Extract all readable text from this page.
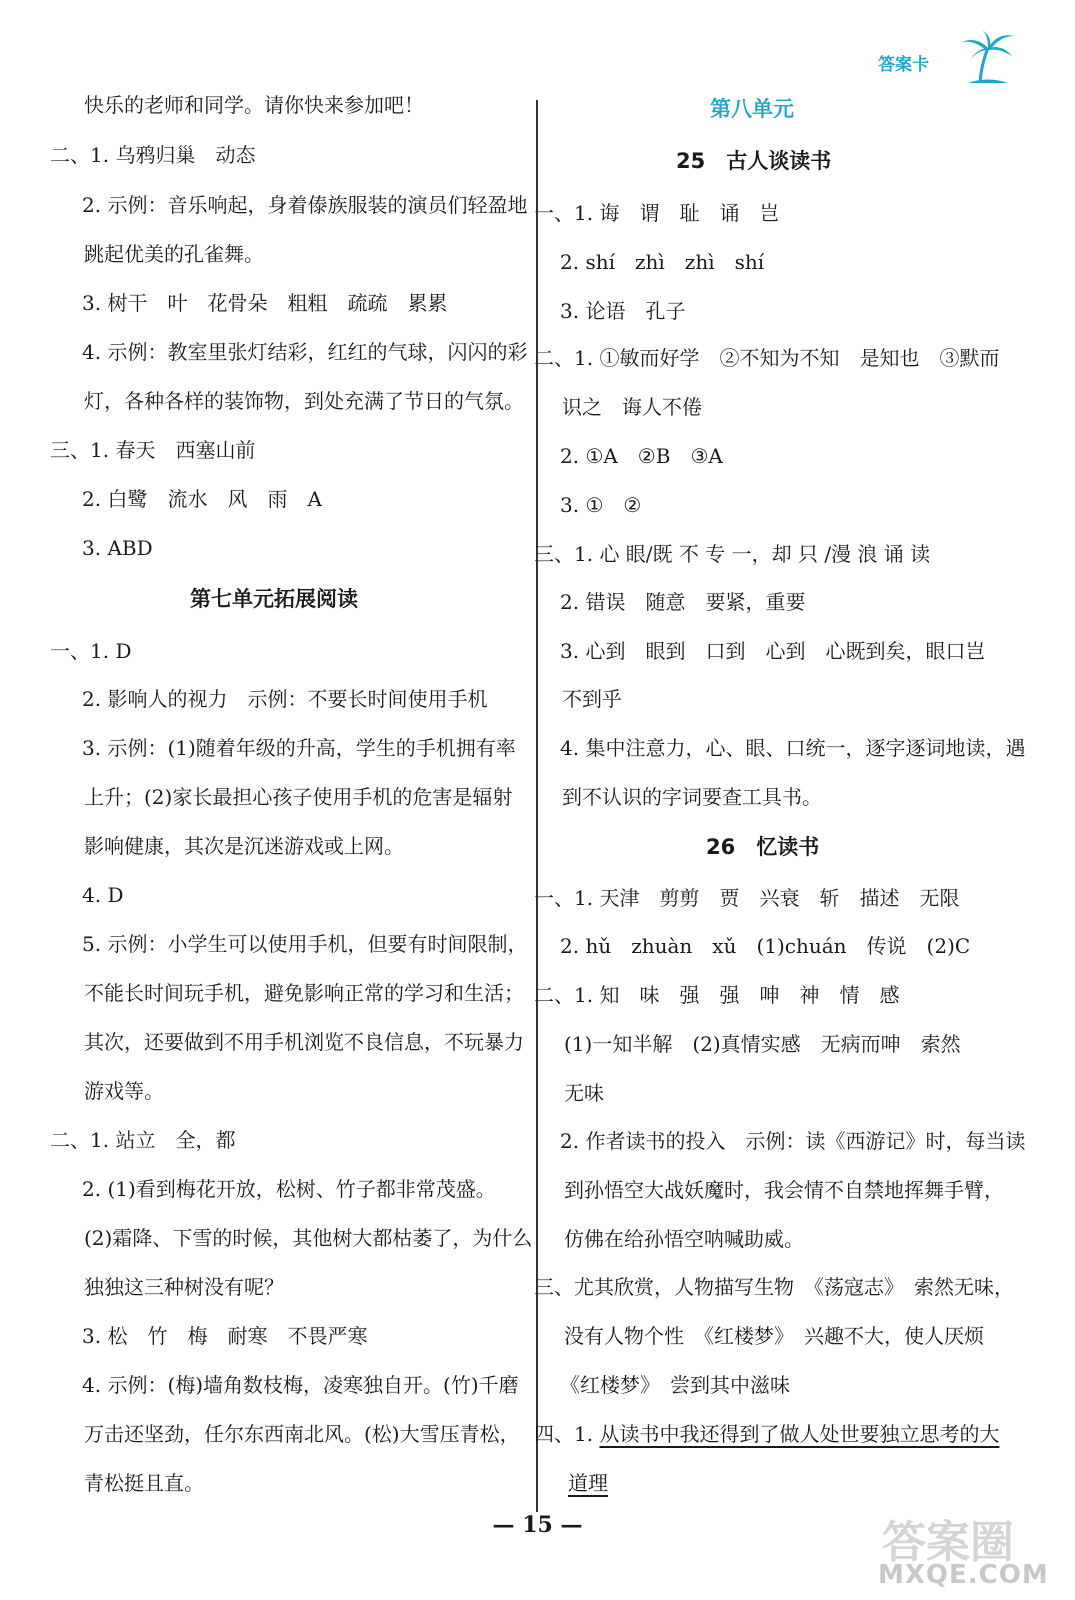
答案卡
快乐的老师和同学。请你快来参加吧！
二、1. 乌鸦归巢　动态
2. 示例：音乐响起，身着傣族服装的演员们轻盈地
跳起优美的孔雀舞。
3. 树干　叶　花骨朵　粗粗　疏疏　累累
4. 示例：教室里张灯结彩，红红的气球，闪闪的彩
灯，各种各样的装饰物，到处充满了节日的气氛。
三、1. 春天　西塞山前
2. 白鹭　流水　风　雨　A
3. ABD
第七单元拓展阅读
一、1. D
2. 影响人的视力　示例：不要长时间使用手机
3. 示例：(1)随着年级的升高，学生的手机拥有率
上升；(2)家长最担心孩子使用手机的危害是辐射
影响健康，其次是沉迷游戏或上网。
4. D
5. 示例：小学生可以使用手机，但要有时间限制，
不能长时间玩手机，避免影响正常的学习和生活；
其次，还要做到不用手机浏览不良信息，不玩暴力
游戏等。
二、1. 站立　全，都
2. (1)看到梅花开放，松树、竹子都非常茂盛。
(2)霜降、下雪的时候，其他树大都枯萎了，为什么
独独这三种树没有呢？
3. 松　竹　梅　耐寒　不畏严寒
4. 示例：(梅)墙角数枝梅，凌寒独自开。(竹)千磨
万击还坚劲，任尔东西南北风。(松)大雪压青松，
青松挺且直。
第八单元
25　古人谈读书
一、1. 诲　谓　耻　诵　岂
2. shí　zhì　zhì　shí
3. 论语　孔子
二、1. ①敏而好学　②不知为不知　是知也　③默而
识之　诲人不倦
2. ①A　②B　③A
3. ①　②
三、1. 心 眼/既 不 专 一，却 只 /漫 浪 诵 读
2. 错误　随意　要紧，重要
3. 心到　眼到　口到　心到　心既到矣，眼口岂
不到乎
4. 集中注意力，心、眼、口统一，逐字逐词地读，遇
到不认识的字词要查工具书。
26　忆读书
一、1. 天津　剪剪　贾　兴衰　斩　描述　无限
2. hǔ　zhuàn　xǔ　(1)chuán　传说　(2)C
二、1. 知　味　强　强　呻　神　情　感
(1)一知半解　(2)真情实感　无病而呻　索然
无味
2. 作者读书的投入　示例：读《西游记》时，每当读
到孙悟空大战妖魔时，我会情不自禁地挥舞手臂，
仿佛在给孙悟空呐喊助威。
三、尤其欣赏，人物描写生物　《荡寇志》　索然无味，
没有人物个性　《红楼梦》　兴趣不大，使人厌烦
《红楼梦》　尝到其中滋味
四、1. 从读书中我还得到了做人处世要独立思考的大
道理
— 15 —	答案圈
MXQE.COM
